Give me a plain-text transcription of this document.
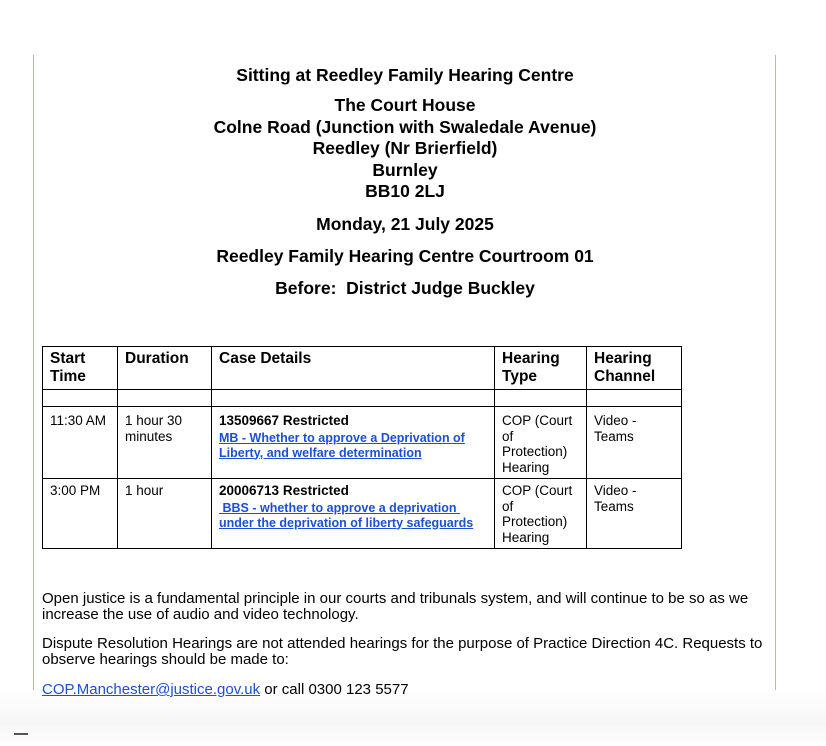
Sitting at Reedley Family Hearing Centre
The Court House
Colne Road (Junction with Swaledale Avenue)
Reedley (Nr Brierfield)
Burnley
BB10 2LJ
Monday, 21 July 2025
Reedley Family Hearing Centre Courtroom 01
Before:  District Judge Buckley
Start Time	Duration	Case Details	Hearing Type	Hearing Channel

11:30 AM	1 hour 30 minutes	13509667 Restricted
MB - Whether to approve a Deprivation of Liberty, and welfare determination	COP (Court of Protection) Hearing	Video - Teams
3:00 PM	1 hour	20006713 Restricted
BBS - whether to approve a deprivation under the deprivation of liberty safeguards	COP (Court of Protection) Hearing	Video - Teams
Open justice is a fundamental principle in our courts and tribunals system, and will continue to be so as we increase the use of audio and video technology.
Dispute Resolution Hearings are not attended hearings for the purpose of Practice Direction 4C. Requests to observe hearings should be made to:
COP.Manchester@justice.gov.uk or call 0300 123 5577
